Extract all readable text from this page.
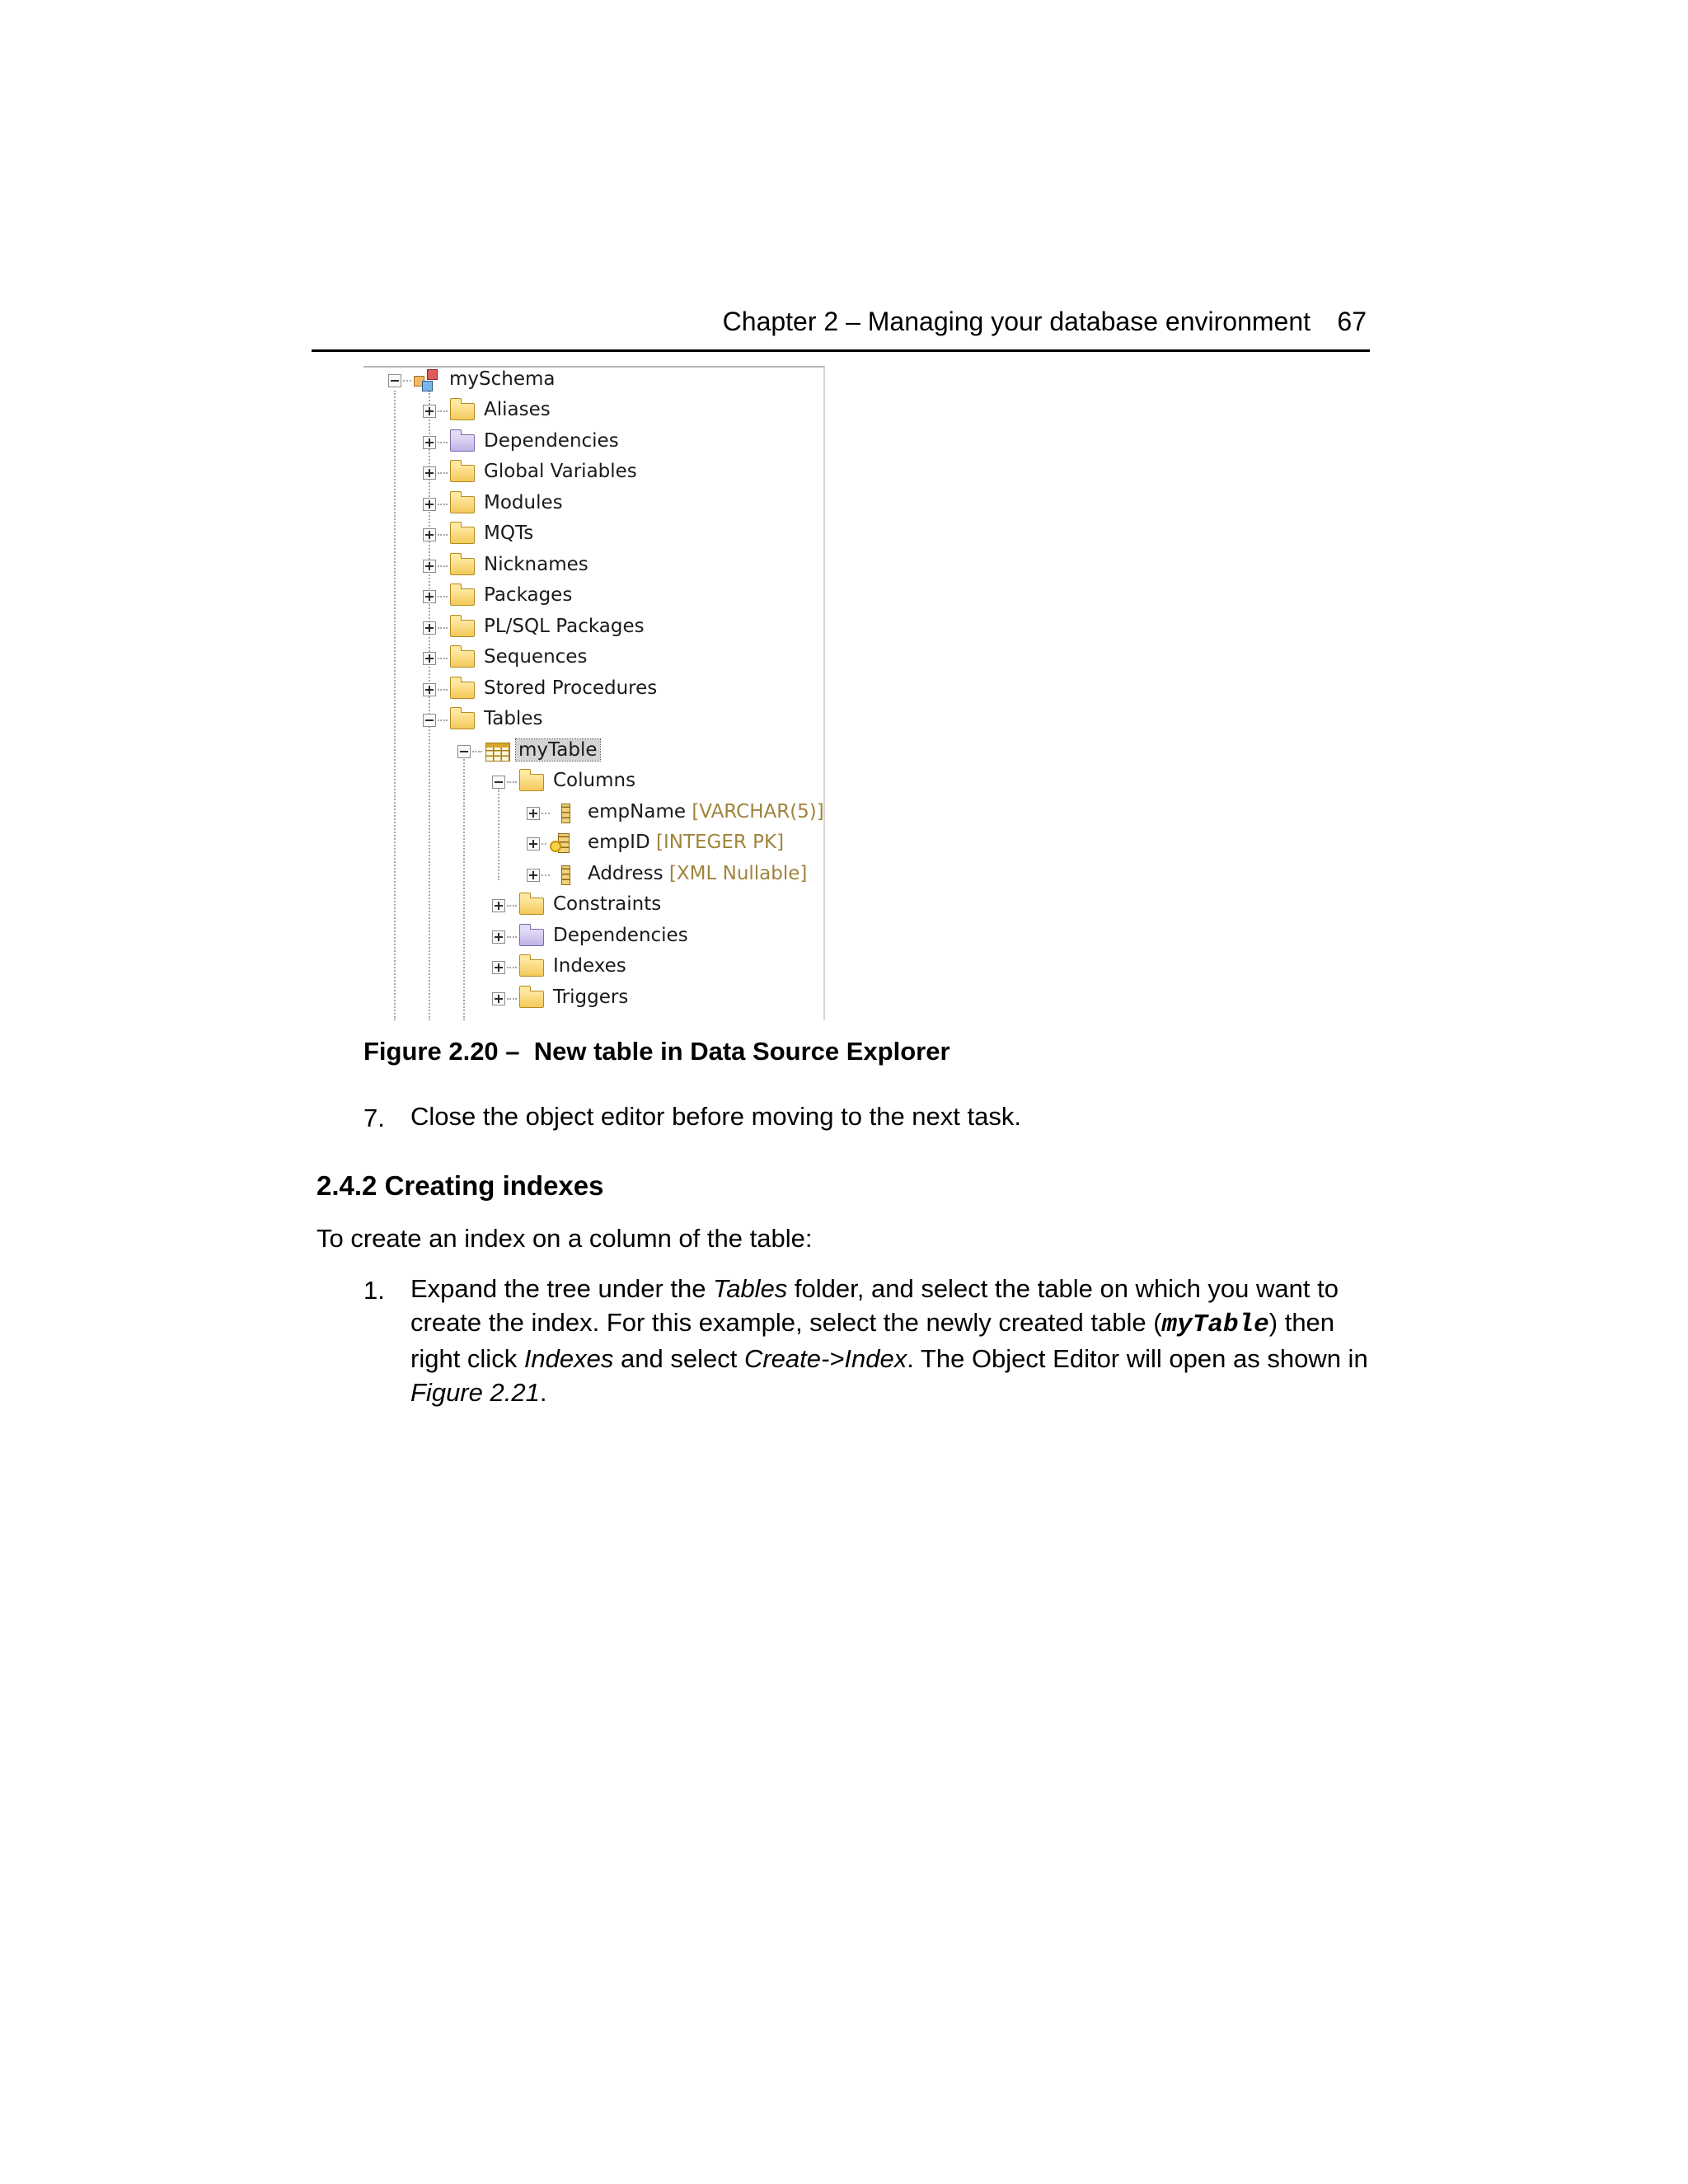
Chapter 2 – Managing your database environment 67
mySchema
Aliases
Dependencies
Global Variables
Modules
MQTs
Nicknames
Packages
PL/SQL Packages
Sequences
Stored Procedures
Tables
myTable
Columns
empName [VARCHAR(5)]
empID [INTEGER PK]
Address [XML Nullable]
Constraints
Dependencies
Indexes
Triggers
Figure 2.20 –  New table in Data Source Explorer
7. Close the object editor before moving to the next task.
2.4.2 Creating indexes
To create an index on a column of the table:
1. Expand the tree under the Tables folder, and select the table on which you want to create the index. For this example, select the newly created table (myTable) then right click Indexes and select Create->Index. The Object Editor will open as shown in Figure 2.21.
